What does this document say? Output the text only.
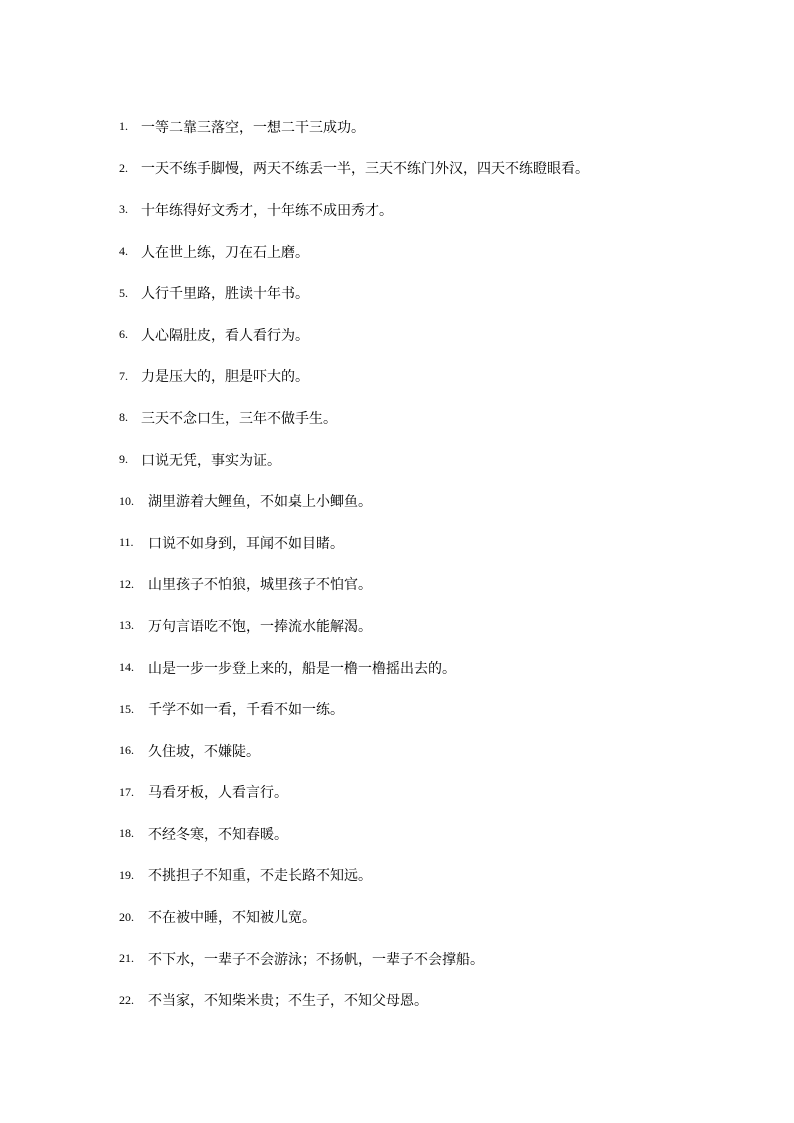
1. 一等二靠三落空，一想二干三成功。
2. 一天不练手脚慢，两天不练丢一半，三天不练门外汉，四天不练瞪眼看。
3. 十年练得好文秀才，十年练不成田秀才。
4. 人在世上练，刀在石上磨。
5. 人行千里路，胜读十年书。
6. 人心隔肚皮，看人看行为。
7. 力是压大的，胆是吓大的。
8. 三天不念口生，三年不做手生。
9. 口说无凭，事实为证。
10.	湖里游着大鲤鱼，不如桌上小鲫鱼。
11.	口说不如身到，耳闻不如目睹。
12.	山里孩子不怕狼，城里孩子不怕官。
13.	万句言语吃不饱，一捧流水能解渴。
14.	山是一步一步登上来的，船是一橹一橹摇出去的。
15.	千学不如一看，千看不如一练。
16.	久住坡，不嫌陡。
17.	马看牙板，人看言行。
18.	不经冬寒，不知春暖。
19.	不挑担子不知重，不走长路不知远。
20.	不在被中睡，不知被儿宽。
21.	不下水，一辈子不会游泳；不扬帆，一辈子不会撑船。
22.	不当家，不知柴米贵；不生子，不知父母恩。
